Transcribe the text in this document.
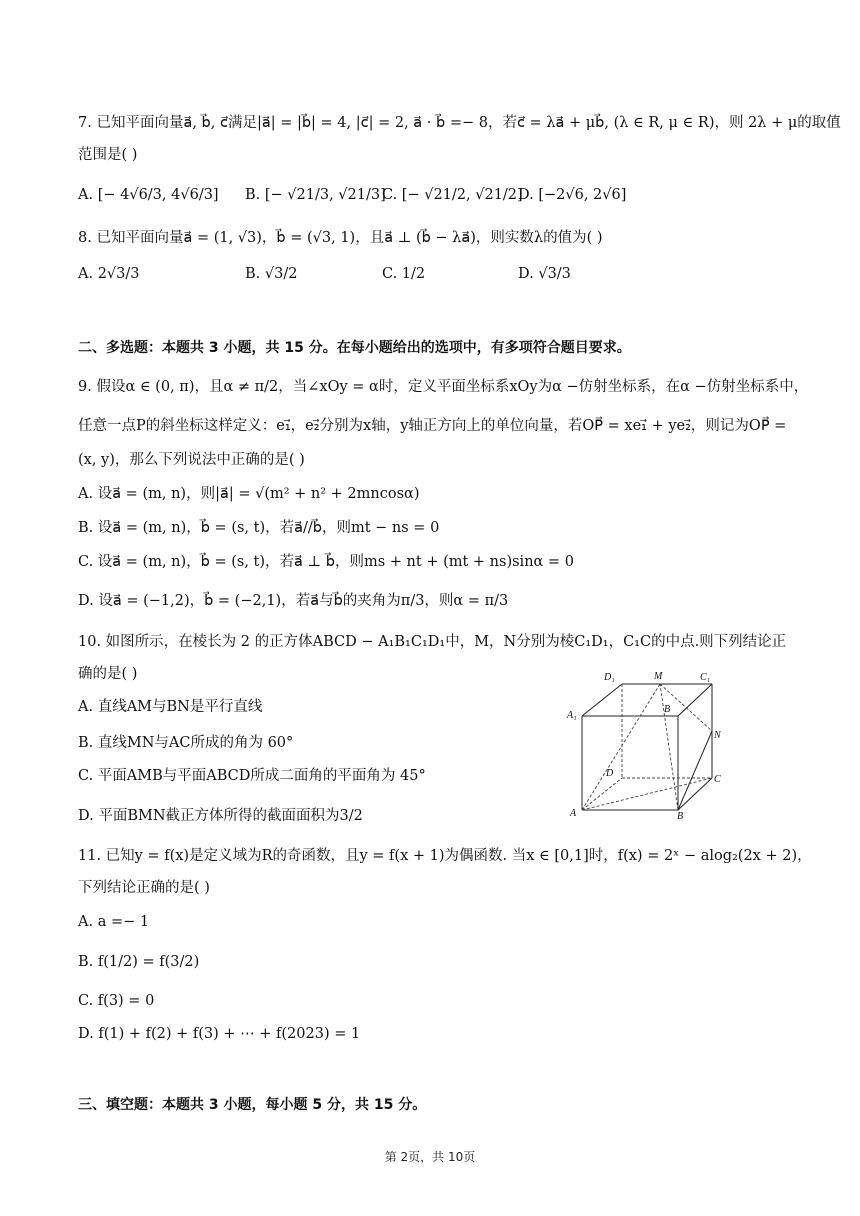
7. 已知平面向量a⃗, b⃗, c⃗满足|a⃗| = |b⃗| = 4, |c⃗| = 2, a⃗ · b⃗ =− 8，若c⃗ = λa⃗ + μb⃗, (λ ∈ R, μ ∈ R)，则 2λ + μ的取值
范围是( )
A. [− 4√6/3, 4√6/3] B. [− √21/3, √21/3]
C. [− √21/2, √21/2]
D. [−2√6, 2√6]
8. 已知平面向量a⃗ = (1, √3)，b⃗ = (√3, 1)，且a⃗ ⊥ (b⃗ − λa⃗)，则实数λ的值为( )
A. 2√3/3	B. √3/2	C. 1/2	D. √3/3
二、多选题：本题共 3 小题，共 15 分。在每小题给出的选项中，有多项符合题目要求。
9. 假设α ∈ (0, π)，且α ≠ π/2，当∠xOy = α时，定义平面坐标系xOy为α −仿射坐标系，在α −仿射坐标系中，
任意一点P的斜坐标这样定义：e₁⃗，e₂⃗分别为x轴，y轴正方向上的单位向量，若OP⃗ = xe₁⃗ + ye₂⃗，则记为OP⃗ =
(x, y)，那么下列说法中正确的是( )
A. 设a⃗ = (m, n)，则|a⃗| = √(m² + n² + 2mncosα)
B. 设a⃗ = (m, n)，b⃗ = (s, t)，若a⃗//b⃗，则mt − ns = 0
C. 设a⃗ = (m, n)，b⃗ = (s, t)，若a⃗ ⊥ b⃗，则ms + nt + (mt + ns)sinα = 0
D. 设a⃗ = (−1,2)，b⃗ = (−2,1)，若a⃗与b⃗的夹角为π/3，则α = π/3
10. 如图所示，在棱长为 2 的正方体ABCD − A₁B₁C₁D₁中，M，N分别为棱C₁D₁，C₁C的中点.则下列结论正
确的是( )
A. 直线AM与BN是平行直线
B. 直线MN与AC所成的角为 60°
C. 平面AMB与平面ABCD所成二面角的平面角为 45°
D. 平面BMN截正方体所得的截面面积为3/2
D₁	M	C₁
A₁
B
N
D
C
A	B
11. 已知y = f(x)是定义域为R的奇函数，且y = f(x + 1)为偶函数. 当x ∈ [0,1]时，f(x) = 2ˣ − alog₂(2x + 2)，
下列结论正确的是( )
A. a =− 1
B. f(1/2) = f(3/2)
C. f(3) = 0
D. f(1) + f(2) + f(3) + ⋯ + f(2023) = 1
三、填空题：本题共 3 小题，每小题 5 分，共 15 分。
第 2页，共 10页
